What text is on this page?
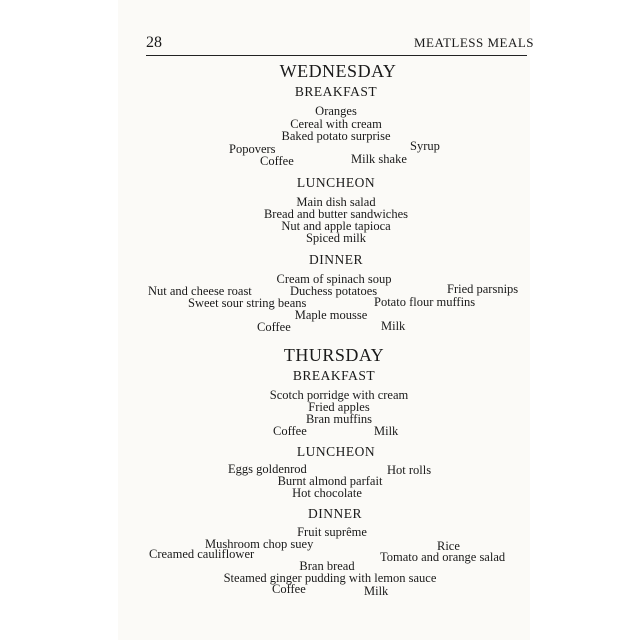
28	MEATLESS MEALS
WEDNESDAY
BREAKFAST
Oranges
Cereal with cream
Baked potato surprise
Popovers	Syrup
Coffee	Milk shake
LUNCHEON
Main dish salad
Bread and butter sandwiches
Nut and apple tapioca
Spiced milk
DINNER
Cream of spinach soup
Nut and cheese roast	Duchess potatoes	Fried parsnips
Sweet sour string beans	Potato flour muffins
Maple mousse
Coffee	Milk
THURSDAY
BREAKFAST
Scotch porridge with cream
Fried apples
Bran muffins
Coffee	Milk
LUNCHEON
Eggs goldenrod	Hot rolls
Burnt almond parfait
Hot chocolate
DINNER
Fruit suprême
Mushroom chop suey	Rice
Creamed cauliflower	Tomato and orange salad
Bran bread
Steamed ginger pudding with lemon sauce
Coffee	Milk
